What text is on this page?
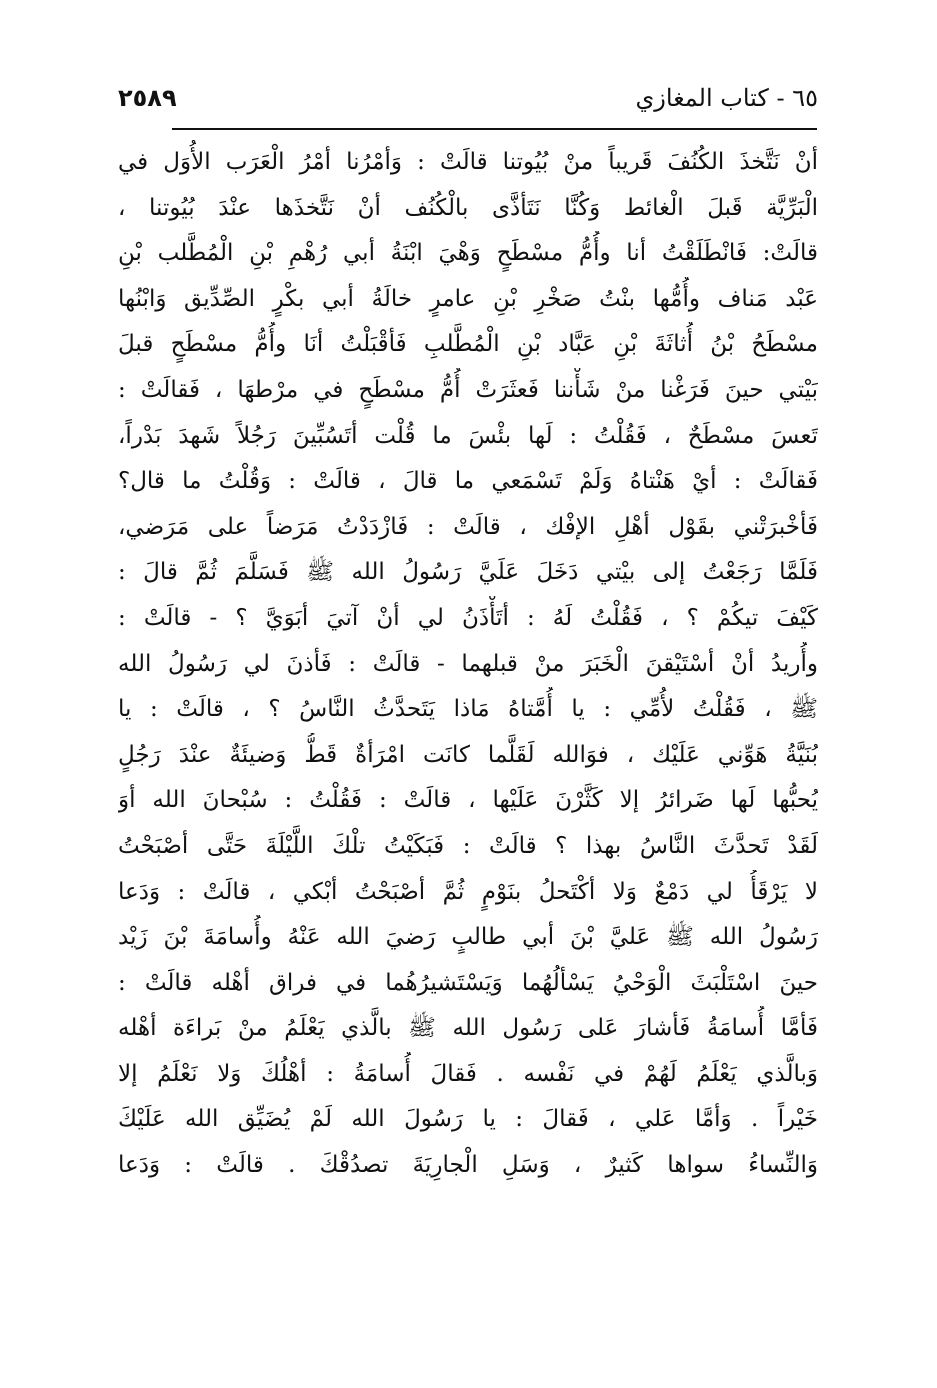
٢٥٨٩	٦٥ - كتاب المغازي
أنْ نَتَّخذَ الكُنُفَ قَريباً منْ بُيُوتنا قالَتْ : وَأمْرُنا أمْرُ الْعَرَب الأُوَل في
الْبَرِّيَّة قَبلَ الْغائط وَكُنَّا نَتَأذَّى بالْكُنُف أنْ نَتَّخذَها عنْدَ بُيُوتنا ،
قالَتْ: فَانْطَلَقْتُ أنا وأُمُّ مسْطَحٍ وَهْيَ ابْنَةُ أبي رُهْمِ بْنِ الْمُطَّلب بْنِ
عَبْد مَناف وأُمُّها بنْتُ صَخْرِ بْنِ عامرٍ خالَةُ أبي بكْرٍ الصِّدِّيق وَابْنُها
مسْطَحُ بْنُ أُثاثَةَ بْنِ عَبَّاد بْنِ الْمُطَّلبِ فَأقْبَلْتُ أنَا وأُمُّ مسْطَحٍ قبلَ
بَيْتي حينَ فَرَغْنا منْ شَأْننا فَعثَرَتْ أُمُّ مسْطَحٍ في مرْطهَا ، فَقالَتْ :
تَعسَ مسْطَحٌ ، فَقُلْتُ : لَها بئْسَ ما قُلْت أتَسُبِّينَ رَجُلاً شَهدَ بَدْراً،
فَقالَتْ : أيْ هَنْتاهُ وَلَمْ تَسْمَعي ما قالَ ، قالَتْ : وَقُلْتُ ما قال؟
فَأخْبرَتْني بقَوْل أهْلِ الإفْك ، قالَتْ : فَازْدَدْتُ مَرَضاً على مَرَضي،
فَلَمَّا رَجَعْتُ إلى بيْتي دَخَلَ عَلَيَّ رَسُولُ الله ﷺ فَسَلَّمَ ثُمَّ قالَ :
كَيْفَ تيكُمْ ؟ ، فَقُلْتُ لَهُ : أتَأْذَنُ لي أنْ آتيَ أبَوَيَّ ؟ - قالَتْ :
وأُريدُ أنْ أسْتَيْقنَ الْخَبَرَ منْ قبلهما - قالَتْ : فَأذنَ لي رَسُولُ الله
ﷺ ، فَقُلْتُ لأُمِّي : يا أُمَّتاهُ مَاذا يَتَحدَّثُ النَّاسُ ؟ ، قالَتْ : يا
بُنَيَّةُ هَوِّني عَلَيْك ، فوَالله لَقَلَّما كانَت امْرَأةٌ قَطُّ وَضيئَةٌ عنْدَ رَجُلٍ
يُحبُّها لَها ضَرائرُ إلا كَثَّرْنَ عَلَيْها ، قالَتْ : فَقُلْتُ : سُبْحانَ الله أوَ
لَقَدْ تَحدَّثَ النَّاسُ بهذا ؟ قالَتْ : فَبَكَيْتُ تلْكَ اللَّيْلَةَ حَتَّى أصْبَحْتُ
لا يَرْقَأُ لي دَمْعٌ وَلا أكْتَحلُ بنَوْمٍ ثُمَّ أصْبَحْتُ أبْكي ، قالَتْ : وَدَعا
رَسُولُ الله ﷺ عَليَّ بْنَ أبي طالبٍ رَضيَ الله عَنْهُ وأُسامَةَ بْنَ زَيْد
حينَ اسْتَلْبَثَ الْوَحْيُ يَسْألُهُما وَيَسْتَشيرُهُما في فراق أهْله قالَتْ :
فَأمَّا أُسامَةُ فَأشارَ عَلى رَسُول الله ﷺ بالَّذي يَعْلَمُ منْ بَراءَة أهْله
وَبالَّذي يَعْلَمُ لَهُمْ في نَفْسه . فَقالَ أُسامَةُ : أهْلُكَ وَلا نَعْلَمُ إلا
خَيْراً . وَأمَّا عَلي ، فَقالَ : يا رَسُولَ الله لَمْ يُضَيِّق الله عَلَيْكَ
وَالنِّساءُ سواها كَثيرٌ ، وَسَلِ الْجارِيَةَ تصدُقْكَ . قالَتْ : وَدَعا
